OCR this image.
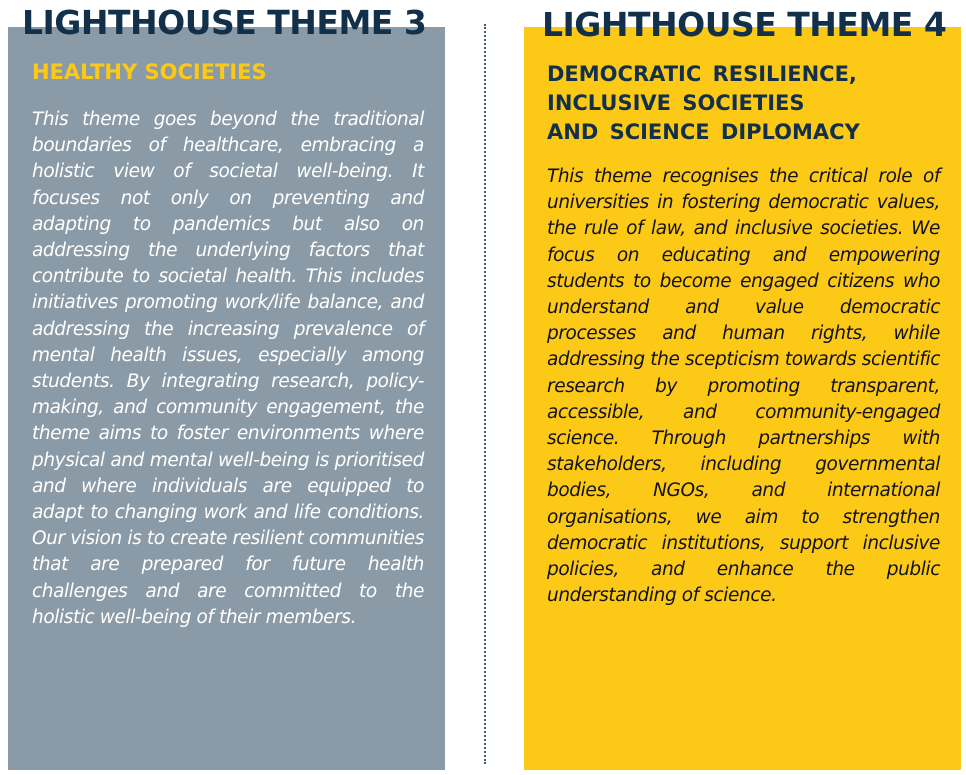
LIGHTHOUSE THEME 3
HEALTHY SOCIETIES

This theme goes beyond the traditional boundaries of healthcare, embracing a holistic view of societal well-being. It focuses not only on preventing and adapting to pandemics but also on addressing the underlying factors that contribute to societal health. This includes initiatives promoting work/life balance, and addressing the increasing prevalence of mental health issues, especially among students. By integrating research, policy-making, and community engagement, the theme aims to foster environments where physical and mental well-being is prioritised and where individuals are equipped to adapt to changing work and life conditions. Our vision is to create resilient communities that are prepared for future health challenges and are committed to the holistic well-being of their members.

LIGHTHOUSE THEME 4
DEMOCRATIC RESILIENCE, INCLUSIVE SOCIETIES AND SCIENCE DIPLOMACY

This theme recognises the critical role of universities in fostering democratic values, the rule of law, and inclusive societies. We focus on educating and empowering students to become engaged citizens who understand and value democratic processes and human rights, while addressing the scepticism towards scientific research by promoting transparent, accessible, and community-engaged science. Through partnerships with stakeholders, including governmental bodies, NGOs, and international organisations, we aim to strengthen democratic institutions, support inclusive policies, and enhance the public understanding of science.
